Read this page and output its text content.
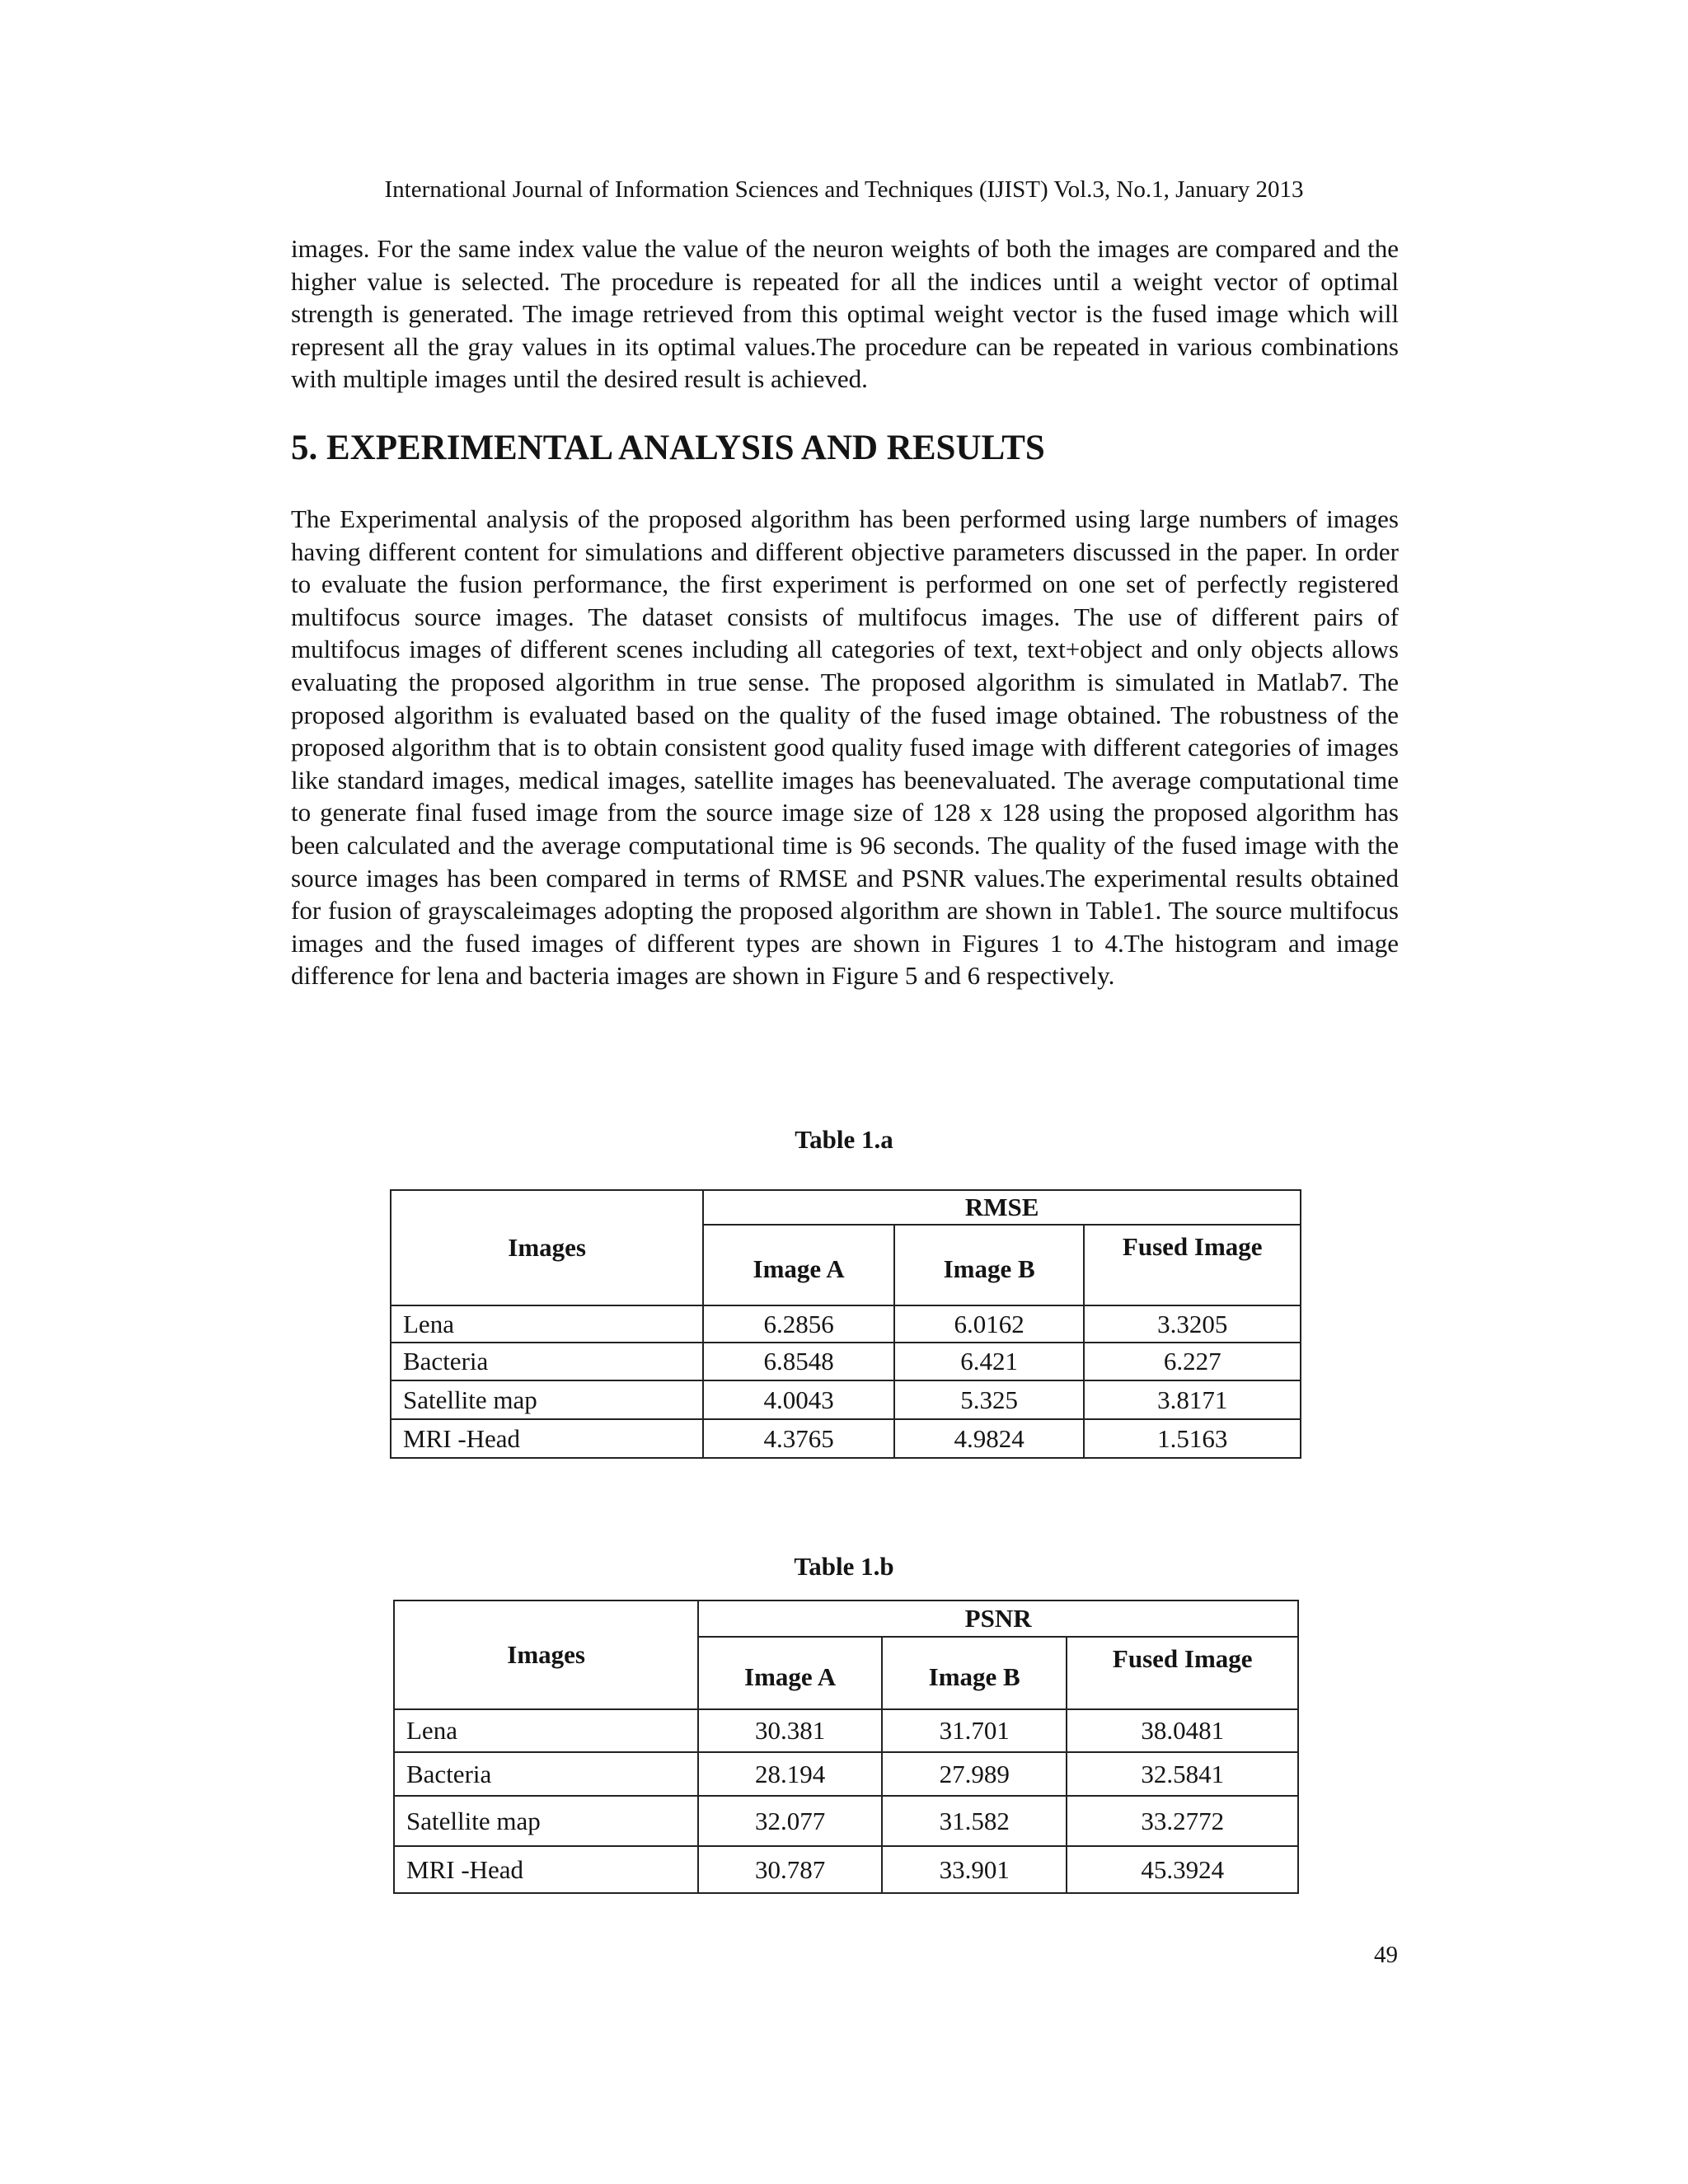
International Journal of Information Sciences and Techniques (IJIST) Vol.3, No.1, January 2013

images. For the same index value the value of the neuron weights of both the images are compared and the higher value is selected. The procedure is repeated for all the indices until a weight vector of optimal strength is generated. The image retrieved from this optimal weight vector is the fused image which will represent all the gray values in its optimal values.The procedure can be repeated in various combinations with multiple images until the desired result is achieved.

5. EXPERIMENTAL ANALYSIS AND RESULTS

The Experimental analysis of the proposed algorithm has been performed using large numbers of images having different content for simulations and different objective parameters discussed in the paper. In order to evaluate the fusion performance, the first experiment is performed on one set of perfectly registered multifocus source images. The dataset consists of multifocus images. The use of different pairs of multifocus images of different scenes including all categories of text, text+object and only objects allows evaluating the proposed algorithm in true sense. The proposed algorithm is simulated in Matlab7. The proposed algorithm is evaluated based on the quality of the fused image obtained. The robustness of the proposed algorithm that is to obtain consistent good quality fused image with different categories of images like standard images, medical images, satellite images has beenevaluated. The average computational time to generate final fused image from the source image size of 128 x 128 using the proposed algorithm has been calculated and the average computational time is 96 seconds. The quality of the fused image with the source images has been compared in terms of RMSE and PSNR values.The experimental results obtained for fusion of grayscaleimages adopting the proposed algorithm are shown in Table1. The source multifocus images and the fused images of different types are shown in Figures 1 to 4.The histogram and image difference for lena and bacteria images are shown in Figure 5 and 6 respectively.

Table 1.a
Images	RMSE		
	Image A	Image B	Fused Image
Lena	6.2856	6.0162	3.3205
Bacteria	6.8548	6.421	6.227
Satellite map	4.0043	5.325	3.8171
MRI -Head	4.3765	4.9824	1.5163
Table 1.b
Images	PSNR		
	Image A	Image B	Fused Image
Lena	30.381	31.701	38.0481
Bacteria	28.194	27.989	32.5841
Satellite map	32.077	31.582	33.2772
MRI -Head	30.787	33.901	45.3924
49
